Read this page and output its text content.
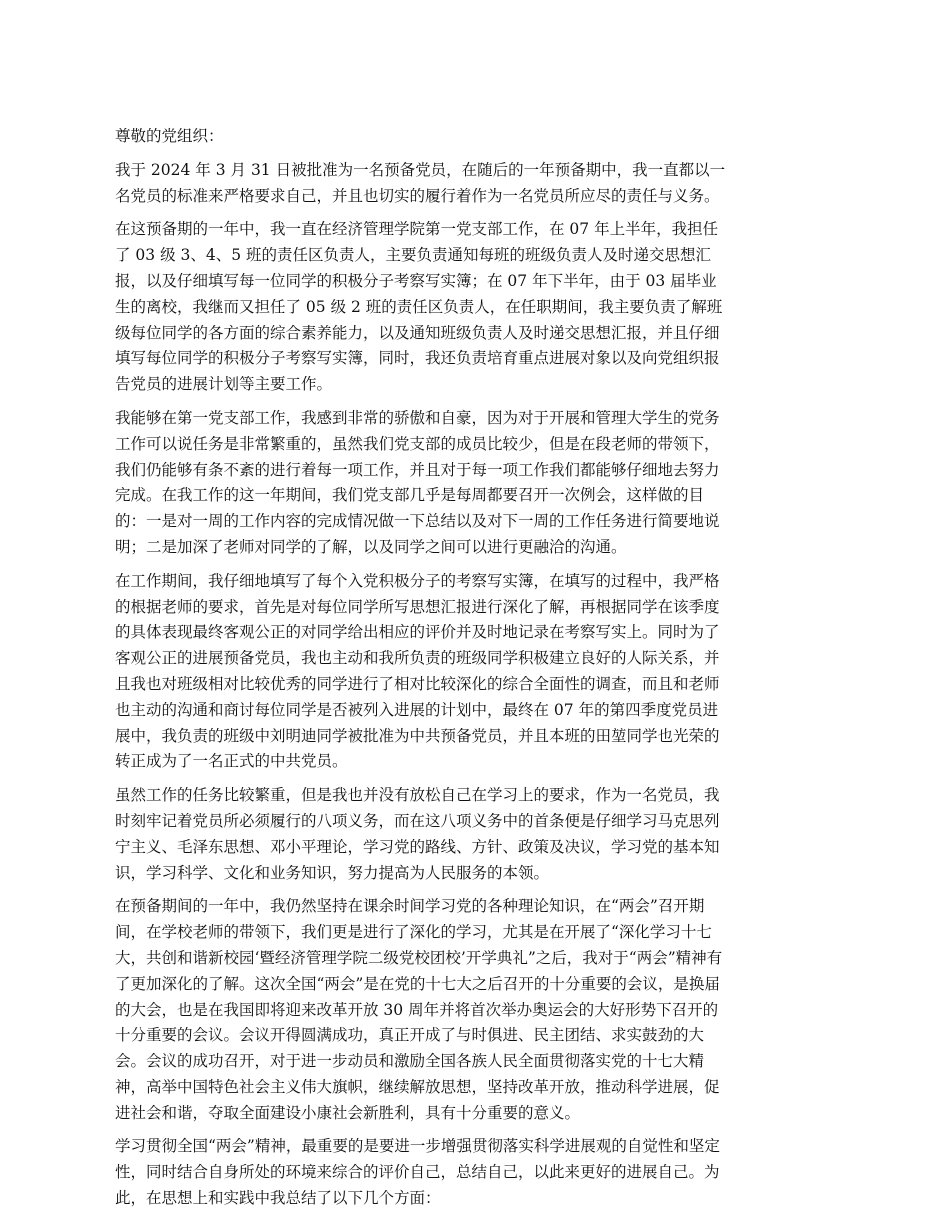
尊敬的党组织：

我于 2024 年 3 月 31 日被批准为一名预备党员，在随后的一年预备期中，我一直都以一
名党员的标准来严格要求自己，并且也切实的履行着作为一名党员所应尽的责任与义务。
在这预备期的一年中，我一直在经济管理学院第一党支部工作，在 07 年上半年，我担任
了 03 级 3、4、5 班的责任区负责人，主要负责通知每班的班级负责人及时递交思想汇
报，以及仔细填写每一位同学的积极分子考察写实簿；在 07 年下半年，由于 03 届毕业
生的离校，我继而又担任了 05 级 2 班的责任区负责人，在任职期间，我主要负责了解班
级每位同学的各方面的综合素养能力，以及通知班级负责人及时递交思想汇报，并且仔细
填写每位同学的积极分子考察写实簿，同时，我还负责培育重点进展对象以及向党组织报
告党员的进展计划等主要工作。
我能够在第一党支部工作，我感到非常的骄傲和自豪，因为对于开展和管理大学生的党务
工作可以说任务是非常繁重的，虽然我们党支部的成员比较少，但是在段老师的带领下，
我们仍能够有条不紊的进行着每一项工作，并且对于每一项工作我们都能够仔细地去努力
完成。在我工作的这一年期间，我们党支部几乎是每周都要召开一次例会，这样做的目
的：一是对一周的工作内容的完成情况做一下总结以及对下一周的工作任务进行简要地说
明；二是加深了老师对同学的了解，以及同学之间可以进行更融洽的沟通。
在工作期间，我仔细地填写了每个入党积极分子的考察写实簿，在填写的过程中，我严格
的根据老师的要求，首先是对每位同学所写思想汇报进行深化了解，再根据同学在该季度
的具体表现最终客观公正的对同学给出相应的评价并及时地记录在考察写实上。同时为了
客观公正的进展预备党员，我也主动和我所负责的班级同学积极建立良好的人际关系，并
且我也对班级相对比较优秀的同学进行了相对比较深化的综合全面性的调查，而且和老师
也主动的沟通和商讨每位同学是否被列入进展的计划中，最终在 07 年的第四季度党员进
展中，我负责的班级中刘明迪同学被批准为中共预备党员，并且本班的田堃同学也光荣的
转正成为了一名正式的中共党员。
虽然工作的任务比较繁重，但是我也并没有放松自己在学习上的要求，作为一名党员，我
时刻牢记着党员所必须履行的八项义务，而在这八项义务中的首条便是仔细学习马克思列
宁主义、毛泽东思想、邓小平理论，学习党的路线、方针、政策及决议，学习党的基本知
识，学习科学、文化和业务知识，努力提高为人民服务的本领。
在预备期间的一年中，我仍然坚持在课余时间学习党的各种理论知识，在“两会”召开期
间，在学校老师的带领下，我们更是进行了深化的学习，尤其是在开展了“深化学习十七
大，共创和谐新校园‘暨经济管理学院二级党校团校’开学典礼”之后，我对于“两会”精神有
了更加深化的了解。这次全国“两会”是在党的十七大之后召开的十分重要的会议，是换届
的大会，也是在我国即将迎来改革开放 30 周年并将首次举办奥运会的大好形势下召开的
十分重要的会议。会议开得圆满成功，真正开成了与时俱进、民主团结、求实鼓劲的大
会。会议的成功召开，对于进一步动员和激励全国各族人民全面贯彻落实党的十七大精
神，高举中国特色社会主义伟大旗帜，继续解放思想，坚持改革开放，推动科学进展，促
进社会和谐，夺取全面建设小康社会新胜利，具有十分重要的意义。
学习贯彻全国“两会”精神，最重要的是要进一步增强贯彻落实科学进展观的自觉性和坚定
性，同时结合自身所处的环境来综合的评价自己，总结自己，以此来更好的进展自己。为
此，在思想上和实践中我总结了以下几个方面：
